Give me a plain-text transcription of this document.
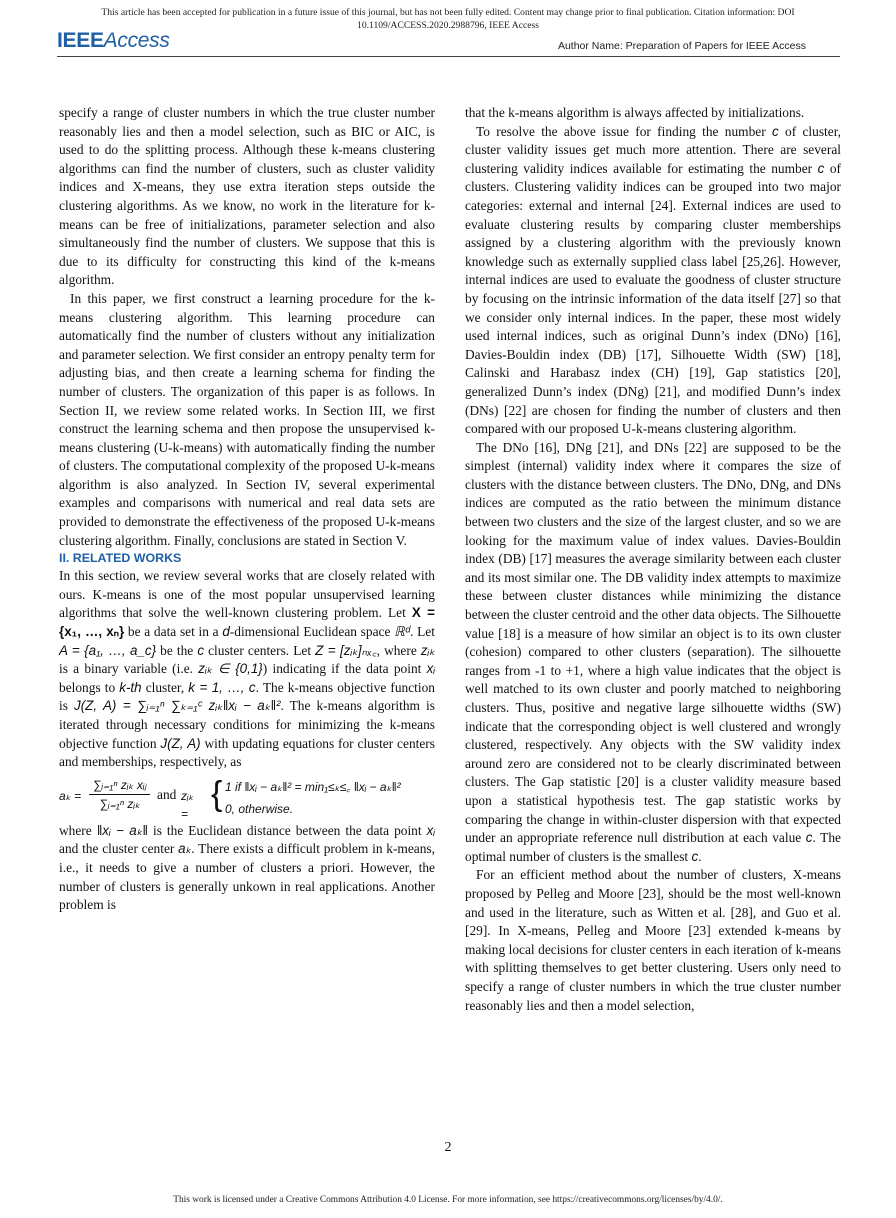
This article has been accepted for publication in a future issue of this journal, but has not been fully edited. Content may change prior to final publication. Citation information: DOI 10.1109/ACCESS.2020.2988796, IEEE Access
IEEEAccess	Author Name: Preparation of Papers for IEEE Access

specify a range of cluster numbers in which the true cluster number reasonably lies and then a model selection, such as BIC or AIC, is used to do the splitting process. Although these k-means clustering algorithms can find the number of clusters, such as cluster validity indices and X-means, they use extra iteration steps outside the clustering algorithms. As we know, no work in the literature for k-means can be free of initializations, parameter selection and also simultaneously find the number of clusters. We suppose that this is due to its difficulty for constructing this kind of the k-means algorithm.

In this paper, we first construct a learning procedure for the k-means clustering algorithm. This learning procedure can automatically find the number of clusters without any initialization and parameter selection. We first consider an entropy penalty term for adjusting bias, and then create a learning schema for finding the number of clusters. The organization of this paper is as follows. In Section II, we review some related works. In Section III, we first construct the learning schema and then propose the unsupervised k-means clustering (U-k-means) with automatically finding the number of clusters. The computational complexity of the proposed U-k-means algorithm is also analyzed. In Section IV, several experimental examples and comparisons with numerical and real data sets are provided to demonstrate the effectiveness of the proposed U-k-means clustering algorithm. Finally, conclusions are stated in Section V.

II. RELATED WORKS

In this section, we review several works that are closely related with ours. K-means is one of the most popular unsupervised learning algorithms that solve the well-known clustering problem. Let X = {x₁, …, xₙ} be a data set in a d-dimensional Euclidean space ℝᵈ. Let A = {a₁, …, a_c} be the c cluster centers. Let Z = [zᵢₖ]ₙₓ꜀, where zᵢₖ is a binary variable (i.e. zᵢₖ ∈ {0,1}) indicating if the data point xᵢ belongs to k-th cluster, k = 1, …, c. The k-means objective function is J(Z, A) = ∑ᵢ₌₁ⁿ ∑ₖ₌₁ᶜ zᵢₖ‖xᵢ − aₖ‖². The k-means algorithm is iterated through necessary conditions for minimizing the k-means objective function J(Z, A) with updating equations for cluster centers and memberships, respectively, as

aₖ =
∑ᵢ₌₁ⁿ zᵢₖ xᵢⱼ
∑ᵢ₌₁ⁿ zᵢₖ
and zᵢₖ =
{ 1 if ‖xᵢ − aₖ‖² = min₁≤ₖ≤꜀ ‖xᵢ − aₖ‖²
0, otherwise.

where ‖xᵢ − aₖ‖ is the Euclidean distance between the data point xᵢ and the cluster center aₖ. There exists a difficult problem in k-means, i.e., it needs to give a number of clusters a priori. However, the number of clusters is generally unkown in real applications. Another problem is

that the k-means algorithm is always affected by initializations.

To resolve the above issue for finding the number c of cluster, cluster validity issues get much more attention. There are several clustering validity indices available for estimating the number c of clusters. Clustering validity indices can be grouped into two major categories: external and internal [24]. External indices are used to evaluate clustering results by comparing cluster memberships assigned by a clustering algorithm with the previously known knowledge such as externally supplied class label [25,26]. However, internal indices are used to evaluate the goodness of cluster structure by focusing on the intrinsic information of the data itself [27] so that we consider only internal indices. In the paper, these most widely used internal indices, such as original Dunn’s index (DNo) [16], Davies-Bouldin index (DB) [17], Silhouette Width (SW) [18], Calinski and Harabasz index (CH) [19], Gap statistics [20], generalized Dunn’s index (DNg) [21], and modified Dunn’s index (DNs) [22] are chosen for finding the number of clusters and then compared with our proposed U-k-means clustering algorithm.

The DNo [16], DNg [21], and DNs [22] are supposed to be the simplest (internal) validity index where it compares the size of clusters with the distance between clusters. The DNo, DNg, and DNs indices are computed as the ratio between the minimum distance between two clusters and the size of the largest cluster, and so we are looking for the maximum value of index values. Davies-Bouldin index (DB) [17] measures the average similarity between each cluster and its most similar one. The DB validity index attempts to maximize these between cluster distances while minimizing the distance between the cluster centroid and the other data objects. The Silhouette value [18] is a measure of how similar an object is to its own cluster (cohesion) compared to other clusters (separation). The silhouette ranges from -1 to +1, where a high value indicates that the object is well matched to its own cluster and poorly matched to neighboring clusters. Thus, positive and negative large silhouette widths (SW) indicate that the corresponding object is well clustered and wrongly clustered, respectively. Any objects with the SW validity index around zero are considered not to be clearly discriminated between clusters. The Gap statistic [20] is a cluster validity measure based upon a statistical hypothesis test. The gap statistic works by comparing the change in within-cluster dispersion with that expected under an appropriate reference null distribution at each value c. The optimal number of clusters is the smallest c.

For an efficient method about the number of clusters, X-means proposed by Pelleg and Moore [23], should be the most well-known and used in the literature, such as Witten et al. [28], and Guo et al. [29]. In X-means, Pelleg and Moore [23] extended k-means by making local decisions for cluster centers in each iteration of k-means with splitting themselves to get better clustering. Users only need to specify a range of cluster numbers in which the true cluster number reasonably lies and then a model selection,

2
This work is licensed under a Creative Commons Attribution 4.0 License. For more information, see https://creativecommons.org/licenses/by/4.0/.
